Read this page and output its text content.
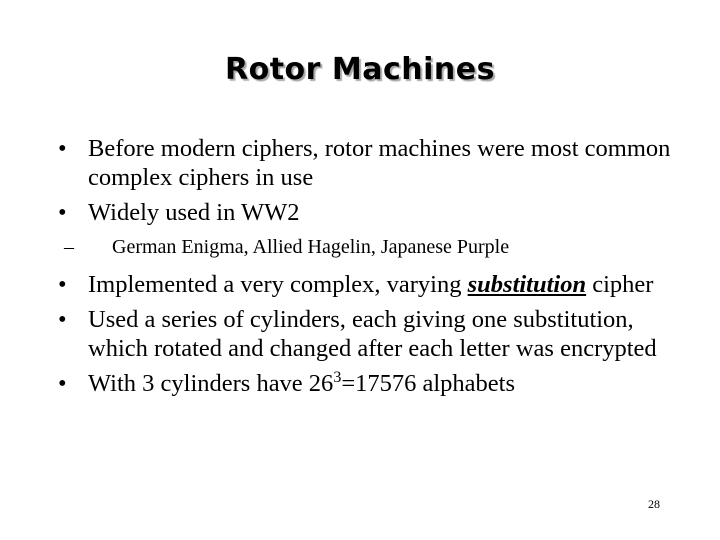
Rotor Machines
• Before modern ciphers, rotor machines were most common complex ciphers in use
• Widely used in WW2
– German Enigma, Allied Hagelin, Japanese Purple
• Implemented a very complex, varying substitution cipher
• Used a series of cylinders, each giving one substitution, which rotated and changed after each letter was encrypted
• With 3 cylinders have $26^3=17576$ alphabets
28
